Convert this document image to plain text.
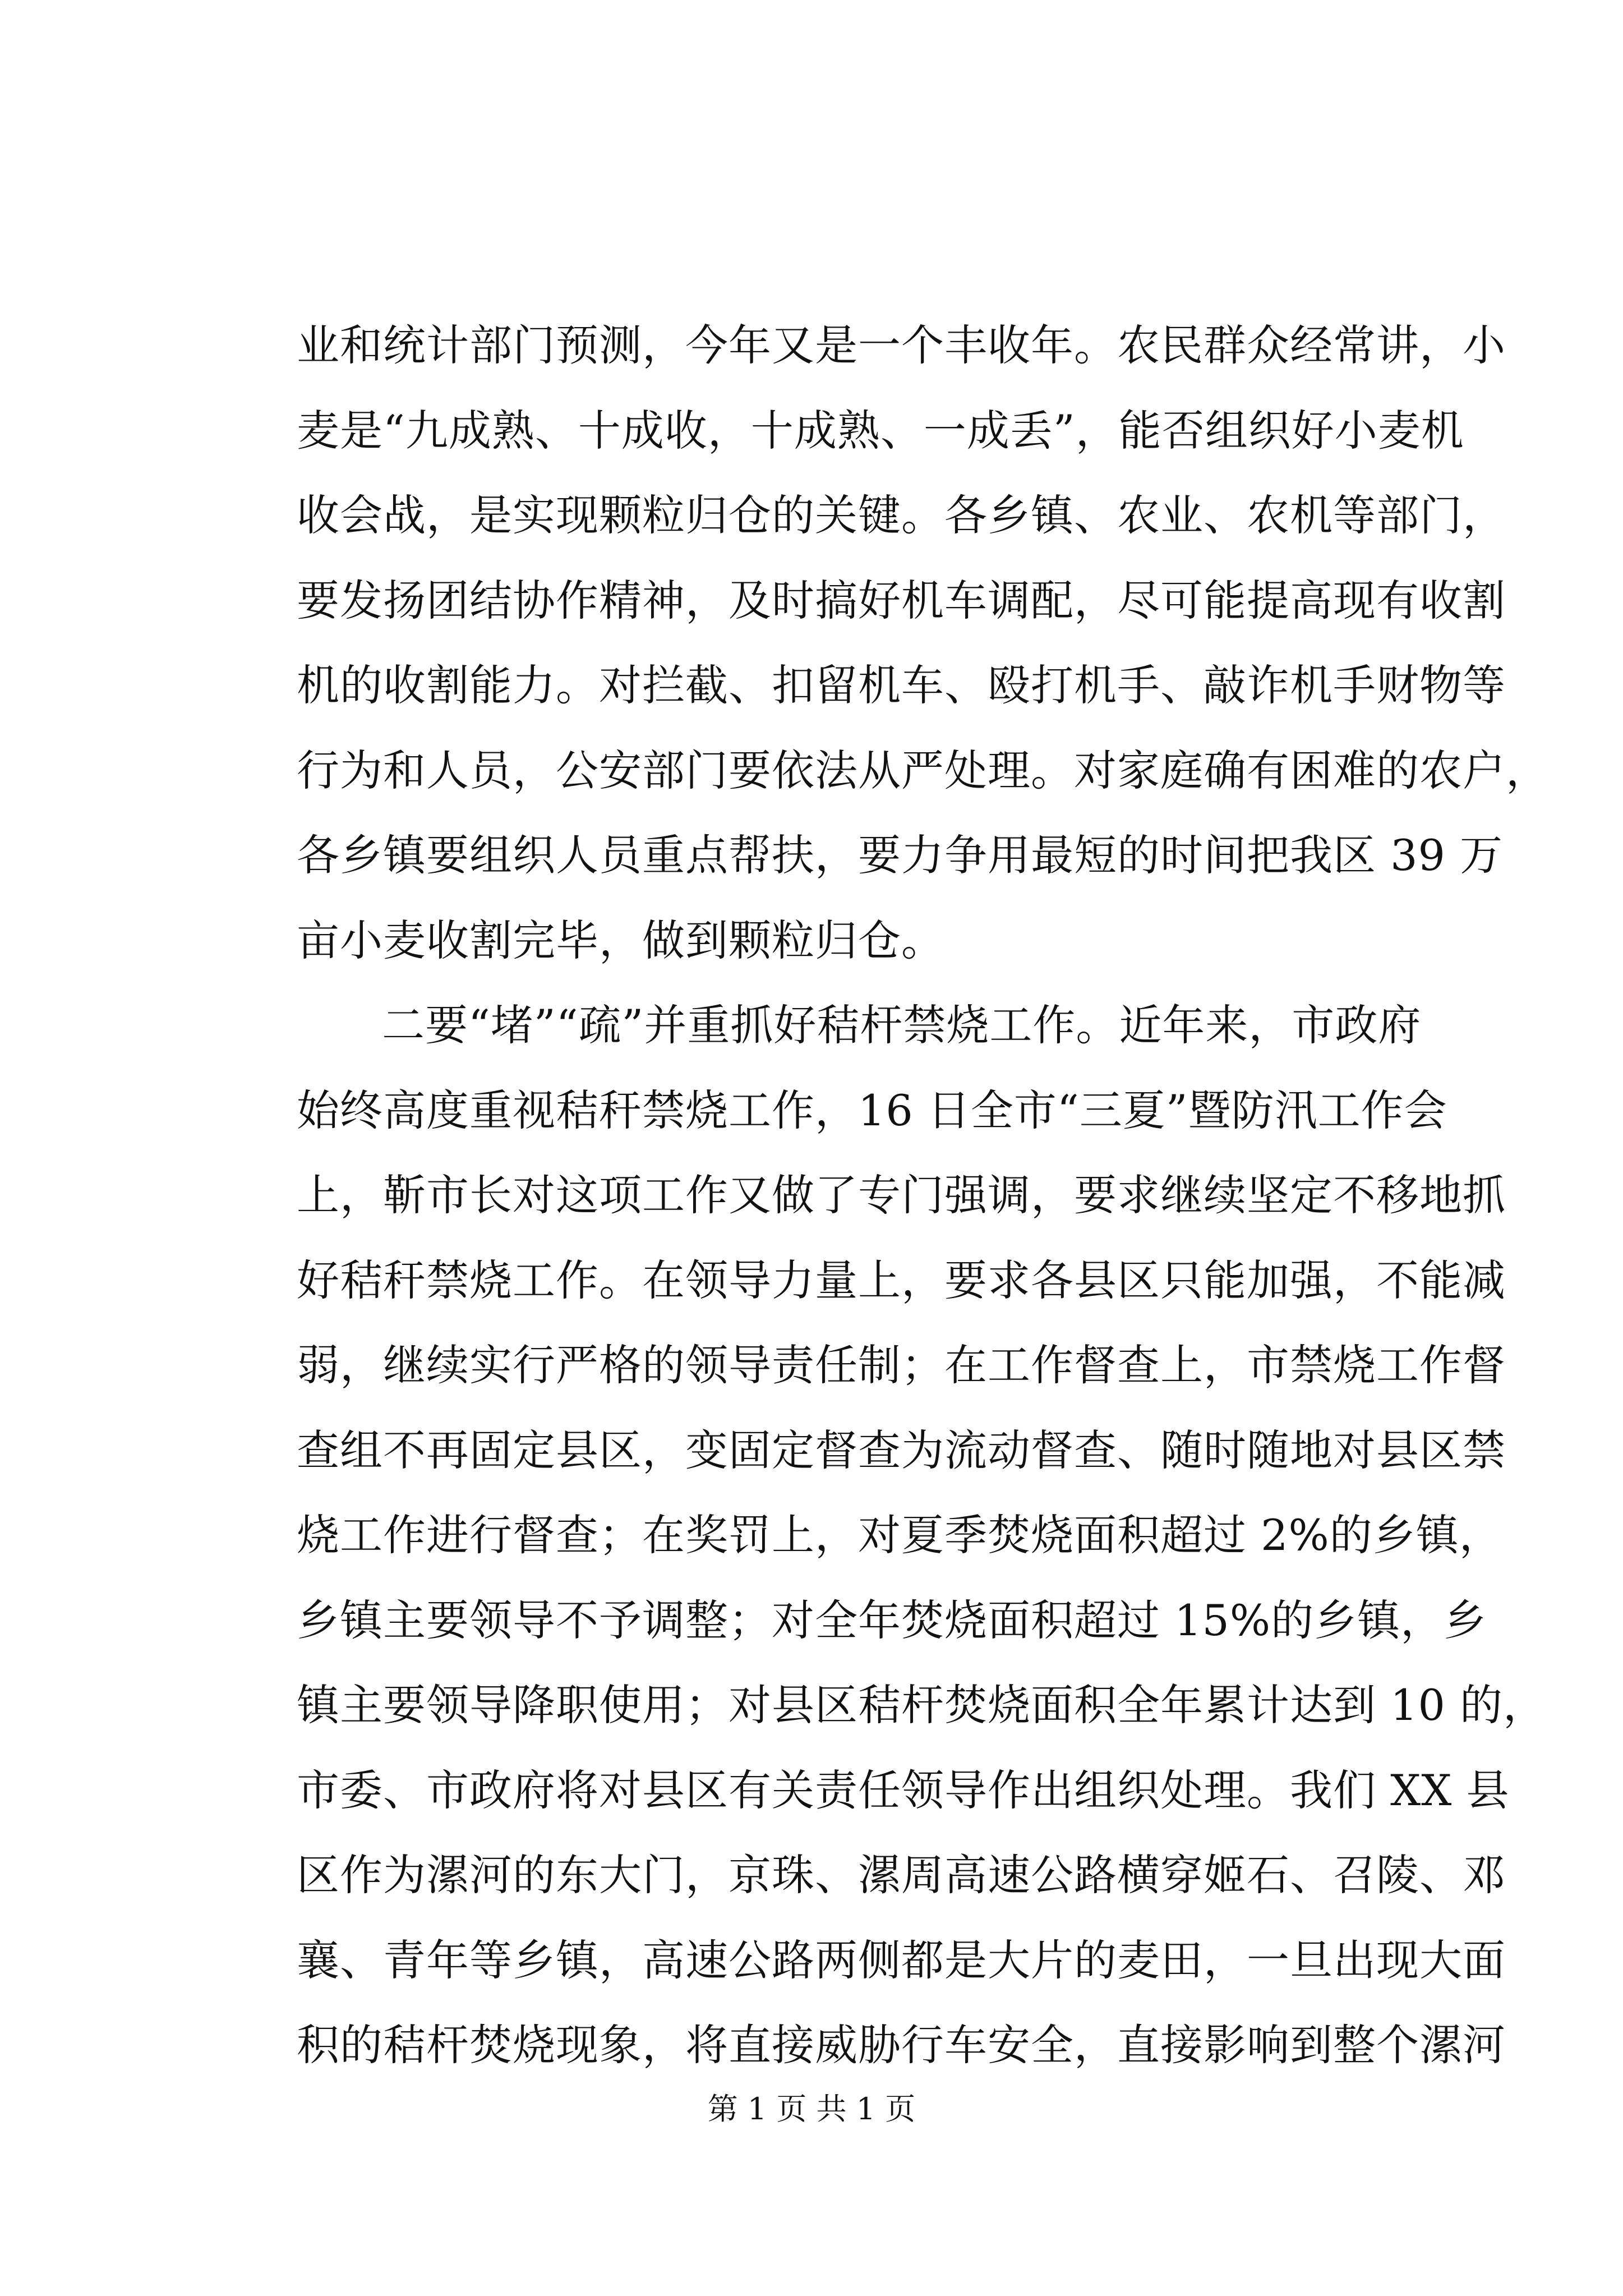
业和统计部门预测，今年又是一个丰收年。农民群众经常讲，小
麦是“九成熟、十成收，十成熟、一成丢”，能否组织好小麦机
收会战，是实现颗粒归仓的关键。各乡镇、农业、农机等部门，
要发扬团结协作精神，及时搞好机车调配，尽可能提高现有收割
机的收割能力。对拦截、扣留机车、殴打机手、敲诈机手财物等
行为和人员，公安部门要依法从严处理。对家庭确有困难的农户，
各乡镇要组织人员重点帮扶，要力争用最短的时间把我区 39 万
亩小麦收割完毕，做到颗粒归仓。
二要“堵”“疏”并重抓好秸杆禁烧工作。近年来，市政府
始终高度重视秸秆禁烧工作，16 日全市“三夏”暨防汛工作会
上，靳市长对这项工作又做了专门强调，要求继续坚定不移地抓
好秸秆禁烧工作。在领导力量上，要求各县区只能加强，不能减
弱，继续实行严格的领导责任制；在工作督查上，市禁烧工作督
查组不再固定县区，变固定督查为流动督查、随时随地对县区禁
烧工作进行督查；在奖罚上，对夏季焚烧面积超过 2%的乡镇，
乡镇主要领导不予调整；对全年焚烧面积超过 15%的乡镇，乡
镇主要领导降职使用；对县区秸杆焚烧面积全年累计达到 10 的，
市委、市政府将对县区有关责任领导作出组织处理。我们 XX 县
区作为漯河的东大门，京珠、漯周高速公路横穿姬石、召陵、邓
襄、青年等乡镇，高速公路两侧都是大片的麦田，一旦出现大面
积的秸杆焚烧现象，将直接威胁行车安全，直接影响到整个漯河
第 1 页 共 1 页
